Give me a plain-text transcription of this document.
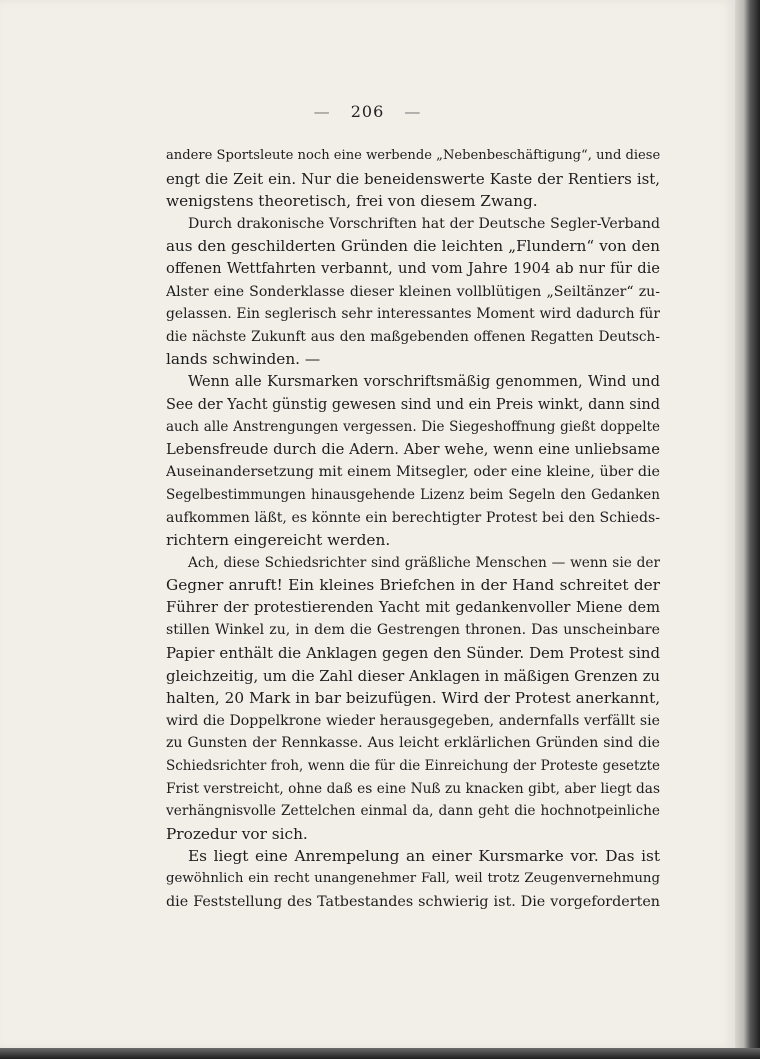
— 206 —
andere Sportsleute noch eine werbende „Nebenbeschäftigung“, und diese
engt die Zeit ein. Nur die beneidenswerte Kaste der Rentiers ist,
wenigstens theoretisch, frei von diesem Zwang.
Durch drakonische Vorschriften hat der Deutsche Segler-Verband
aus den geschilderten Gründen die leichten „Flundern“ von den
offenen Wettfahrten verbannt, und vom Jahre 1904 ab nur für die
Alster eine Sonderklasse dieser kleinen vollblütigen „Seiltänzer“ zu-
gelassen. Ein seglerisch sehr interessantes Moment wird dadurch für
die nächste Zukunft aus den maßgebenden offenen Regatten Deutsch-
lands schwinden. —
Wenn alle Kursmarken vorschriftsmäßig genommen, Wind und
See der Yacht günstig gewesen sind und ein Preis winkt, dann sind
auch alle Anstrengungen vergessen. Die Siegeshoffnung gießt doppelte
Lebensfreude durch die Adern. Aber wehe, wenn eine unliebsame
Auseinandersetzung mit einem Mitsegler, oder eine kleine, über die
Segelbestimmungen hinausgehende Lizenz beim Segeln den Gedanken
aufkommen läßt, es könnte ein berechtigter Protest bei den Schieds-
richtern eingereicht werden.
Ach, diese Schiedsrichter sind gräßliche Menschen — wenn sie der
Gegner anruft! Ein kleines Briefchen in der Hand schreitet der
Führer der protestierenden Yacht mit gedankenvoller Miene dem
stillen Winkel zu, in dem die Gestrengen thronen. Das unscheinbare
Papier enthält die Anklagen gegen den Sünder. Dem Protest sind
gleichzeitig, um die Zahl dieser Anklagen in mäßigen Grenzen zu
halten, 20 Mark in bar beizufügen. Wird der Protest anerkannt,
wird die Doppelkrone wieder herausgegeben, andernfalls verfällt sie
zu Gunsten der Rennkasse. Aus leicht erklärlichen Gründen sind die
Schiedsrichter froh, wenn die für die Einreichung der Proteste gesetzte
Frist verstreicht, ohne daß es eine Nuß zu knacken gibt, aber liegt das
verhängnisvolle Zettelchen einmal da, dann geht die hochnotpeinliche
Prozedur vor sich.
Es liegt eine Anrempelung an einer Kursmarke vor. Das ist
gewöhnlich ein recht unangenehmer Fall, weil trotz Zeugenvernehmung
die Feststellung des Tatbestandes schwierig ist. Die vorgeforderten
